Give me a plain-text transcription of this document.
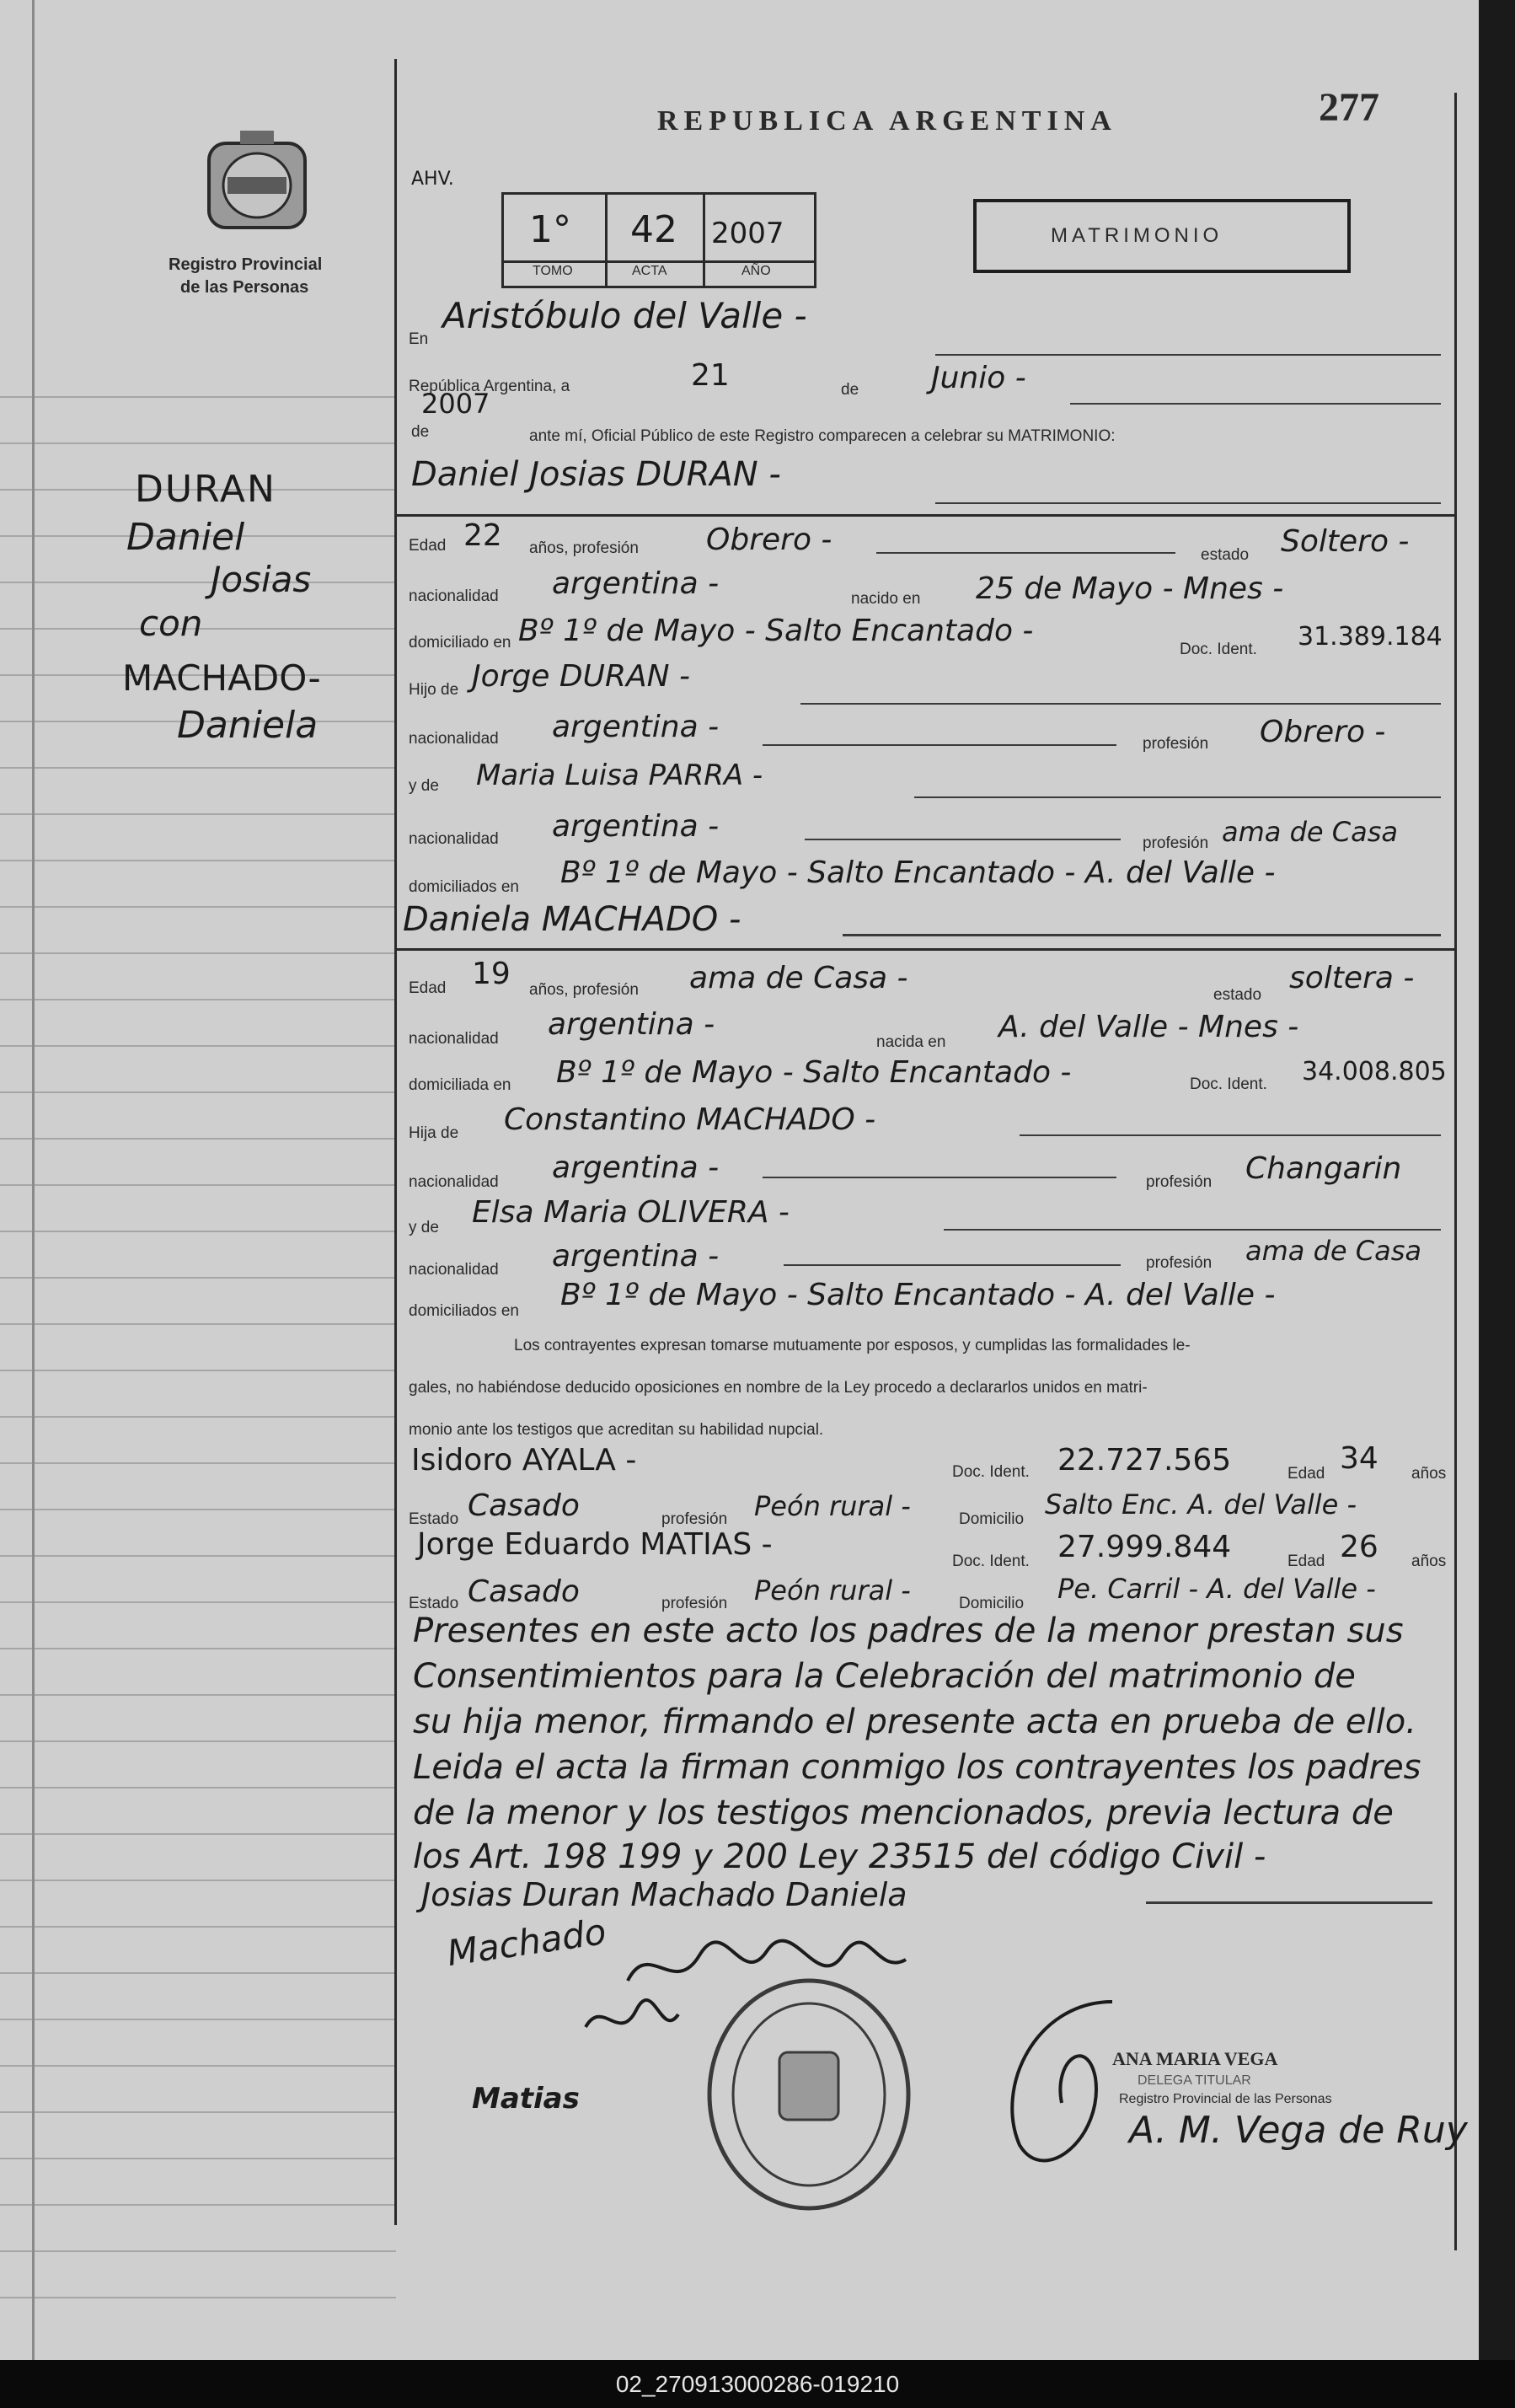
Registro Provincial
de las Personas
REPUBLICA ARGENTINA	277
AHV.
1° 42 2007
TOMO	ACTA	AÑO
MATRIMONIO
En
Aristóbulo del Valle -
República Argentina, a	21	de Junio -
2007
de	ante mí, Oficial Público de este Registro comparecen a celebrar su MATRIMONIO:
Daniel Josias DURAN -
Edad 22 años, profesión Obrero -	estado Soltero -
nacionalidad argentina -	nacido en 25 de Mayo - Mnes -
domiciliado en Bº 1º de Mayo - Salto Encantado -
Doc. Ident. 31.389.184
Hijo de Jorge DURAN -
nacionalidad argentina -	profesión Obrero -
y de Maria Luisa PARRA -
nacionalidad argentina -	profesión ama de Casa
domiciliados en Bº 1º de Mayo - Salto Encantado - A. del Valle -
Daniela MACHADO -
Edad 19 años, profesión ama de Casa -	estado soltera -
nacionalidad argentina -
nacida en A. del Valle - Mnes -
domiciliada en Bº 1º de Mayo - Salto Encantado -	Doc. Ident. 34.008.805
Hija de Constantino MACHADO -
nacionalidad argentina -	profesión Changarin
y de Elsa Maria OLIVERA -
nacionalidad argentina -	profesión ama de Casa
domiciliados en Bº 1º de Mayo - Salto Encantado - A. del Valle -
Los contrayentes expresan tomarse mutuamente por esposos, y cumplidas las formalidades le-
gales, no habiéndose deducido oposiciones en nombre de la Ley procedo a declararlos unidos en matri-
monio ante los testigos que acreditan su habilidad nupcial.
Isidoro AYALA -	Doc. Ident. 22.727.565	Edad 34 años
Estado Casado	profesión Peón rural -	Domicilio Salto Enc. A. del Valle -
Jorge Eduardo MATIAS -	Doc. Ident. 27.999.844	Edad 26 años
Estado Casado	profesión Peón rural -	Domicilio Pe. Carril - A. del Valle -
Presentes en este acto los padres de la menor prestan sus
Consentimientos para la Celebración del matrimonio de
su hija menor, firmando el presente acta en prueba de ello.
Leida el acta la firman conmigo los contrayentes los padres
de la menor y los testigos mencionados, previa lectura de
los Art. 198 199 y 200 Ley 23515 del código Civil -
Josias Duran Machado Daniela
Machado
Matias
ANA MARIA VEGA
DELEGA TITULAR
Registro Provincial de las Personas
A. M. Vega de Ruy
DURAN
Daniel
Josias
con
MACHADO-
Daniela
02_270913000286-019210
